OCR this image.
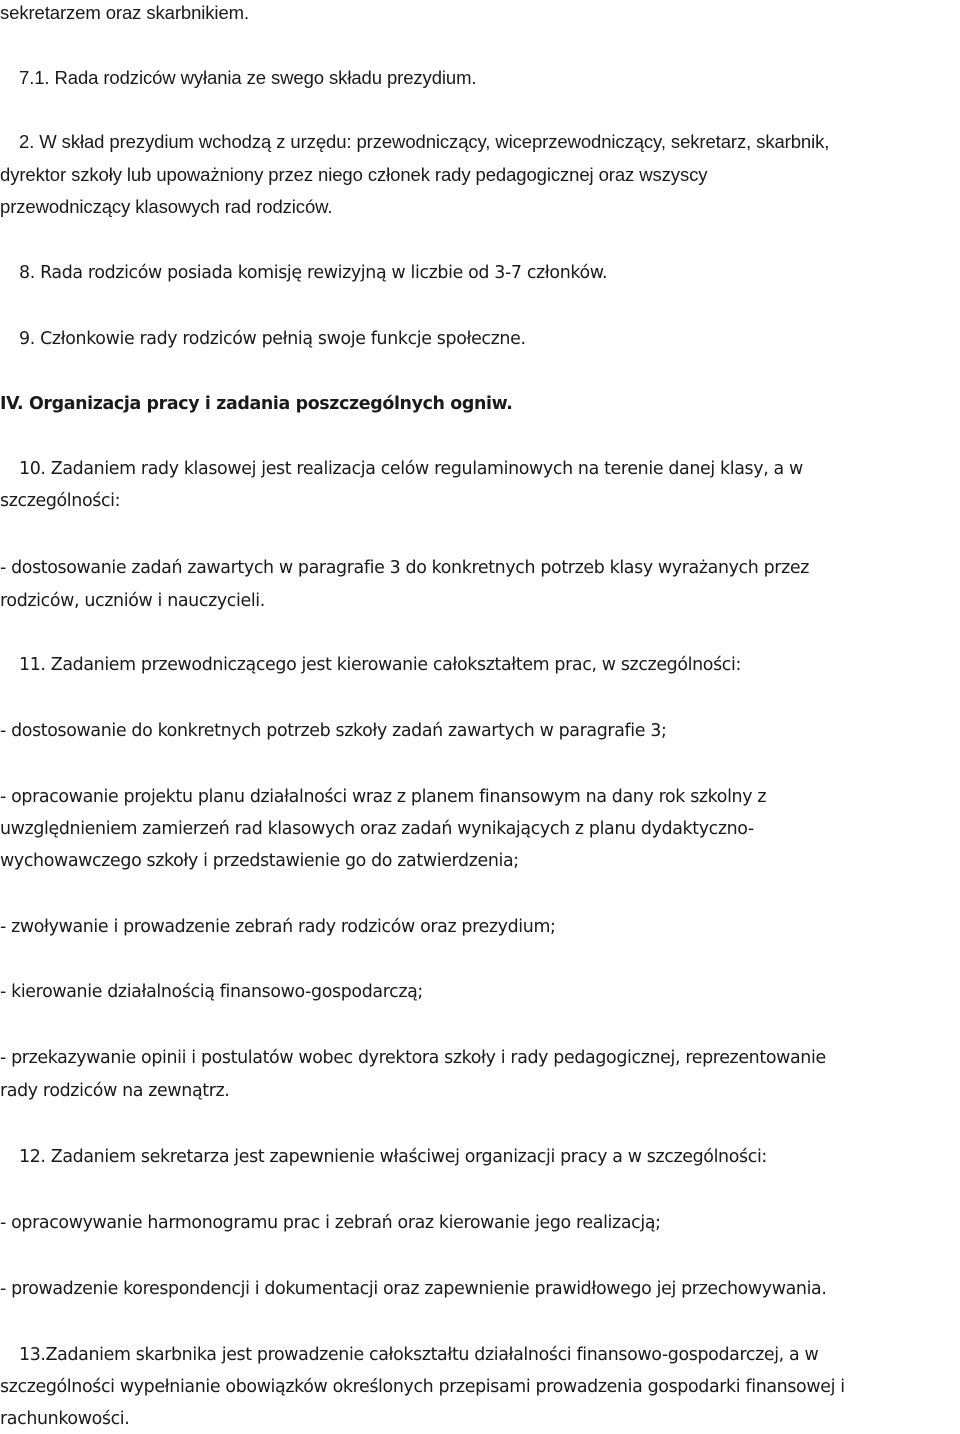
sekretarzem oraz skarbnikiem.
7.1. Rada rodziców wyłania ze swego składu prezydium.
2. W skład prezydium wchodzą z urzędu: przewodniczący, wiceprzewodniczący, sekretarz, skarbnik,
dyrektor szkoły lub upoważniony przez niego członek rady pedagogicznej oraz wszyscy
przewodniczący klasowych rad rodziców.
8. Rada rodziców posiada komisję rewizyjną w liczbie od 3-7 członków.
9. Członkowie rady rodziców pełnią swoje funkcje społeczne.
IV. Organizacja pracy i zadania poszczególnych ogniw.
10. Zadaniem rady klasowej jest realizacja celów regulaminowych na terenie danej klasy, a w
szczególności:
- dostosowanie zadań zawartych w paragrafie 3 do konkretnych potrzeb klasy wyrażanych przez
rodziców, uczniów i nauczycieli.
11. Zadaniem przewodniczącego jest kierowanie całokształtem prac, w szczególności:
- dostosowanie do konkretnych potrzeb szkoły zadań zawartych w paragrafie 3;
- opracowanie projektu planu działalności wraz z planem finansowym na dany rok szkolny z
uwzględnieniem zamierzeń rad klasowych oraz zadań wynikających z planu dydaktyczno-
wychowawczego szkoły i przedstawienie go do zatwierdzenia;
- zwoływanie i prowadzenie zebrań rady rodziców oraz prezydium;
- kierowanie działalnością finansowo-gospodarczą;
- przekazywanie opinii i postulatów wobec dyrektora szkoły i rady pedagogicznej, reprezentowanie
rady rodziców na zewnątrz.
12. Zadaniem sekretarza jest zapewnienie właściwej organizacji pracy a w szczególności:
- opracowywanie harmonogramu prac i zebrań oraz kierowanie jego realizacją;
- prowadzenie korespondencji i dokumentacji oraz zapewnienie prawidłowego jej przechowywania.
13.Zadaniem skarbnika jest prowadzenie całokształtu działalności finansowo-gospodarczej, a w
szczególności wypełnianie obowiązków określonych przepisami prowadzenia gospodarki finansowej i
rachunkowości.
